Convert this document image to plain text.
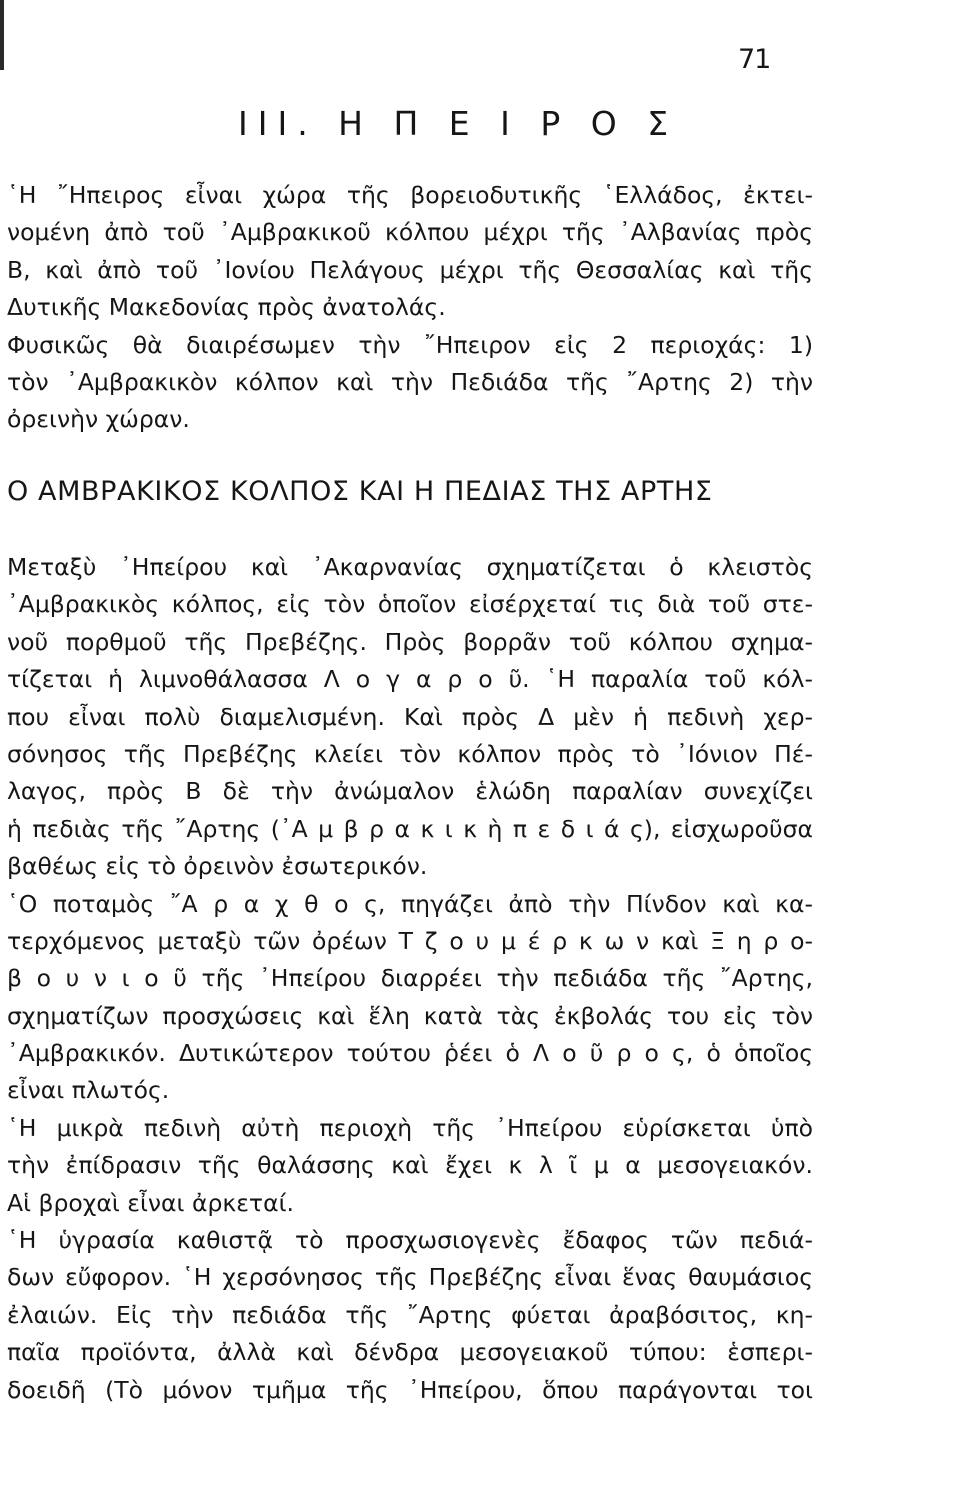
71
ΙΙΙ. Η Π Ε Ι Ρ Ο Σ
῾Η ῎Ηπειρος εἶναι χώρα τῆς βορειοδυτικῆς ῾Ελλάδος, ἐκτει-
νομένη ἀπὸ τοῦ ᾿Αμβρακικοῦ κόλπου μέχρι τῆς ᾿Αλβανίας πρὸς
Β, καὶ ἀπὸ τοῦ ᾿Ιονίου Πελάγους μέχρι τῆς Θεσσαλίας καὶ τῆς
Δυτικῆς Μακεδονίας πρὸς ἀνατολάς.
Φυσικῶς θὰ διαιρέσωμεν τὴν ῎Ηπειρον εἰς 2 περιοχάς: 1)
τὸν ᾿Αμβρακικὸν κόλπον καὶ τὴν Πεδιάδα τῆς ῎Αρτης 2) τὴν
ὀρεινὴν χώραν.
Ο ΑΜΒΡΑΚΙΚΟΣ ΚΟΛΠΟΣ ΚΑΙ Η ΠΕΔΙΑΣ ΤΗΣ ΑΡΤΗΣ
Μεταξὺ ᾿Ηπείρου καὶ ᾿Ακαρνανίας σχηματίζεται ὁ κλειστὸς
᾿Αμβρακικὸς κόλπος, εἰς τὸν ὁποῖον εἰσέρχεταί τις διὰ τοῦ στε-
νοῦ πορθμοῦ τῆς Πρεβέζης. Πρὸς βορρᾶν τοῦ κόλπου σχημα-
τίζεται ἡ λιμνοθάλασσα Λ ο γ α ρ ο ῦ. ῾Η παραλία τοῦ κόλ-
που εἶναι πολὺ διαμελισμένη. Καὶ πρὸς Δ μὲν ἡ πεδινὴ χερ-
σόνησος τῆς Πρεβέζης κλείει τὸν κόλπον πρὸς τὸ ᾿Ιόνιον Πέ-
λαγος, πρὸς Β δὲ τὴν ἀνώμαλον ἑλώδη παραλίαν συνεχίζει
ἡ πεδιὰς τῆς ῎Αρτης (᾿Α μ β ρ α κ ι κ ὴ π ε δ ι ά ς), εἰσχωροῦσα
βαθέως εἰς τὸ ὀρεινὸν ἐσωτερικόν.
῾Ο ποταμὸς ῎Α ρ α χ θ ο ς, πηγάζει ἀπὸ τὴν Πίνδον καὶ κα-
τερχόμενος μεταξὺ τῶν ὀρέων Τ ζ ο υ μ έ ρ κ ω ν καὶ Ξ η ρ ο-
β ο υ ν ι ο ῦ τῆς ᾿Ηπείρου διαρρέει τὴν πεδιάδα τῆς ῎Αρτης,
σχηματίζων προσχώσεις καὶ ἕλη κατὰ τὰς ἐκβολάς του εἰς τὸν
᾿Αμβρακικόν. Δυτικώτερον τούτου ῥέει ὁ Λ ο ῦ ρ ο ς, ὁ ὁποῖος
εἶναι πλωτός.
῾Η μικρὰ πεδινὴ αὐτὴ περιοχὴ τῆς ᾿Ηπείρου εὑρίσκεται ὑπὸ
τὴν ἐπίδρασιν τῆς θαλάσσης καὶ ἔχει κ λ ῖ μ α μεσογειακόν.
Αἱ βροχαὶ εἶναι ἀρκεταί.
῾Η ὑγρασία καθιστᾷ τὸ προσχωσιογενὲς ἔδαφος τῶν πεδιά-
δων εὔφορον. ῾Η χερσόνησος τῆς Πρεβέζης εἶναι ἕνας θαυμάσιος
ἐλαιών. Εἰς τὴν πεδιάδα τῆς ῎Αρτης φύεται ἀραβόσιτος, κη-
παῖα προϊόντα, ἀλλὰ καὶ δένδρα μεσογειακοῦ τύπου: ἑσπερι-
δοειδῆ (Τὸ μόνον τμῆμα τῆς ᾿Ηπείρου, ὅπου παράγονται τοι
